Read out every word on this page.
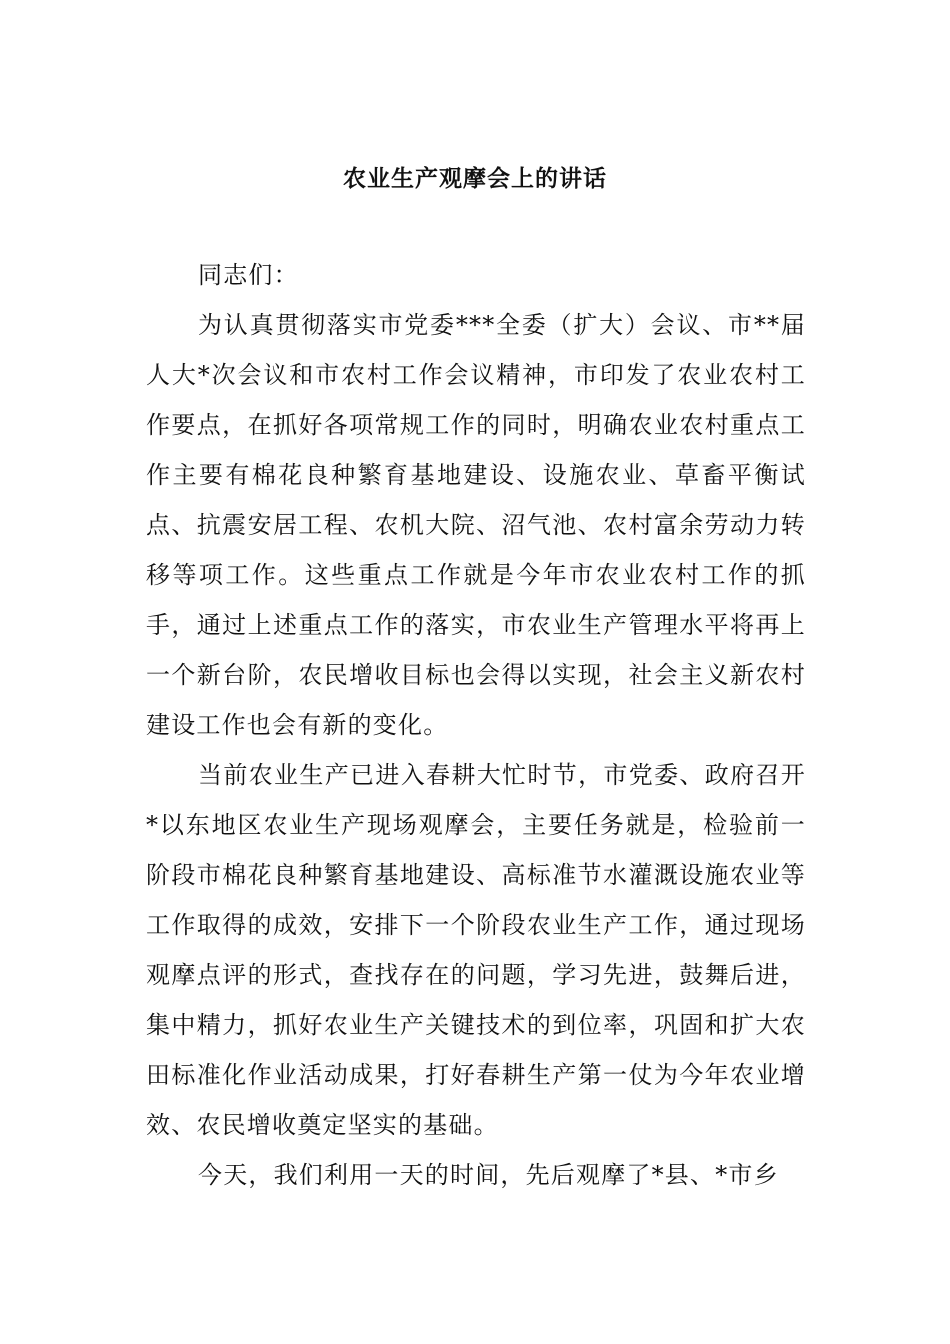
农业生产观摩会上的讲话

同志们：

为认真贯彻落实市党委***全委（扩大）会议、市**届人大*次会议和市农村工作会议精神，市印发了农业农村工作要点，在抓好各项常规工作的同时，明确农业农村重点工作主要有棉花良种繁育基地建设、设施农业、草畜平衡试点、抗震安居工程、农机大院、沼气池、农村富余劳动力转移等项工作。这些重点工作就是今年市农业农村工作的抓手，通过上述重点工作的落实，市农业生产管理水平将再上一个新台阶，农民增收目标也会得以实现，社会主义新农村建设工作也会有新的变化。

当前农业生产已进入春耕大忙时节，市党委、政府召开*以东地区农业生产现场观摩会，主要任务就是，检验前一阶段市棉花良种繁育基地建设、高标准节水灌溉设施农业等工作取得的成效，安排下一个阶段农业生产工作，通过现场观摩点评的形式，查找存在的问题，学习先进，鼓舞后进，集中精力，抓好农业生产关键技术的到位率，巩固和扩大农田标准化作业活动成果，打好春耕生产第一仗为今年农业增效、农民增收奠定坚实的基础。

今天，我们利用一天的时间，先后观摩了*县、*市乡
